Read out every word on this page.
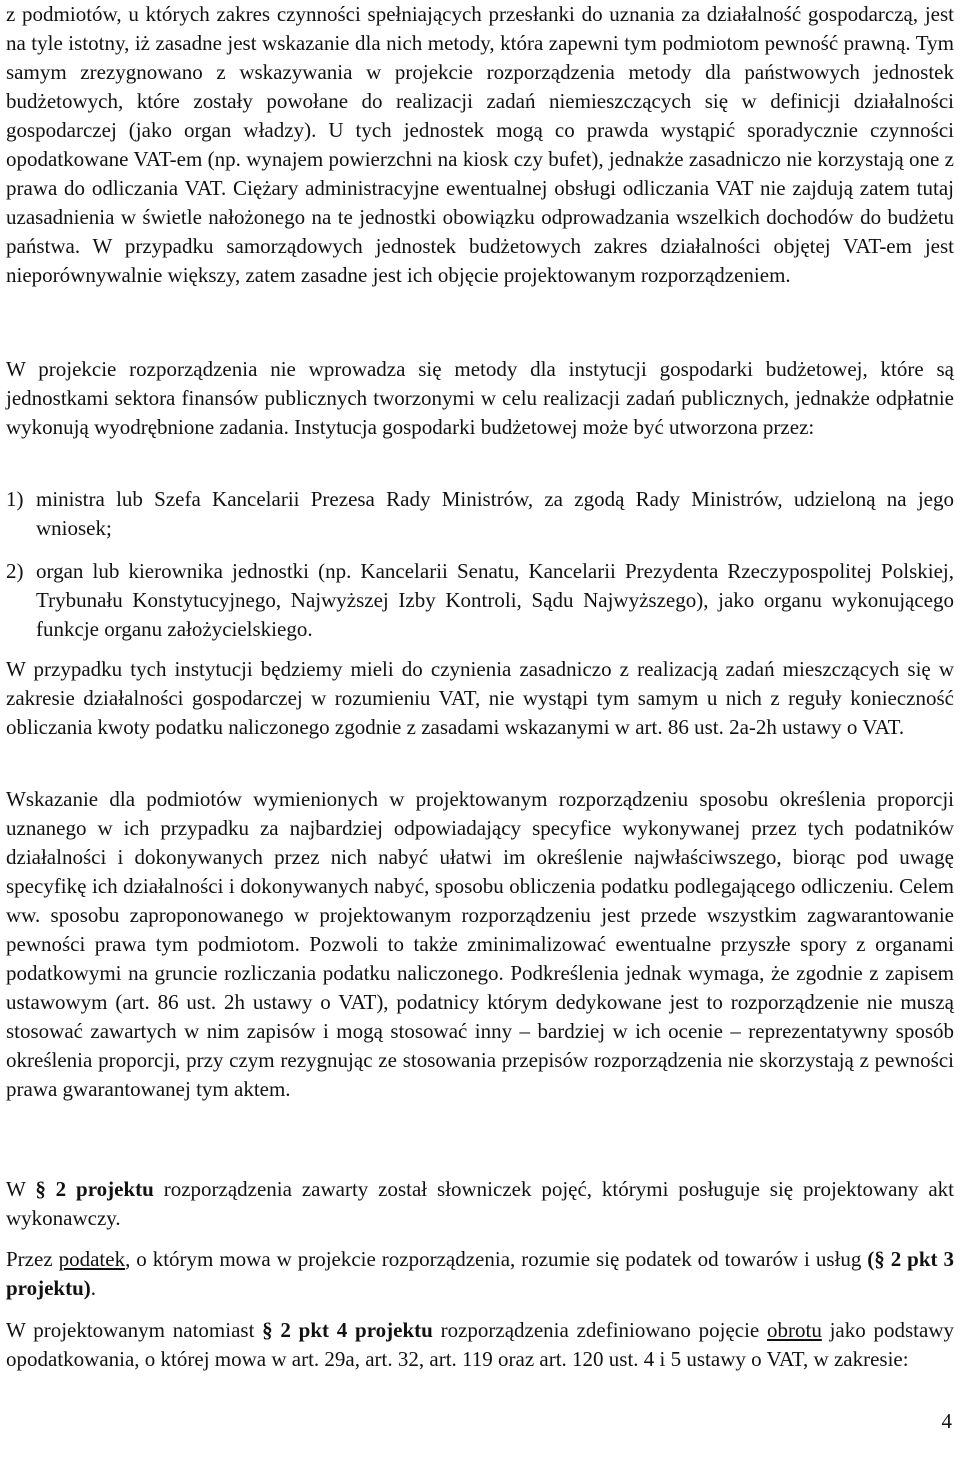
z podmiotów, u których zakres czynności spełniających przesłanki do uznania za działalność gospodarczą, jest na tyle istotny, iż zasadne jest wskazanie dla nich metody, która zapewni tym podmiotom pewność prawną. Tym samym zrezygnowano z wskazywania w projekcie rozporządzenia metody dla państwowych jednostek budżetowych, które zostały powołane do realizacji zadań niemieszczących się w definicji działalności gospodarczej (jako organ władzy). U tych jednostek mogą co prawda wystąpić sporadycznie czynności opodatkowane VAT-em (np. wynajem powierzchni na kiosk czy bufet), jednakże zasadniczo nie korzystają one z prawa do odliczania VAT. Ciężary administracyjne ewentualnej obsługi odliczania VAT nie zajdują zatem tutaj uzasadnienia w świetle nałożonego na te jednostki obowiązku odprowadzania wszelkich dochodów do budżetu państwa. W przypadku samorządowych jednostek budżetowych zakres działalności objętej VAT-em jest nieporównywalnie większy, zatem zasadne jest ich objęcie projektowanym rozporządzeniem.

W projekcie rozporządzenia nie wprowadza się metody dla instytucji gospodarki budżetowej, które są jednostkami sektora finansów publicznych tworzonymi w celu realizacji zadań publicznych, jednakże odpłatnie wykonują wyodrębnione zadania. Instytucja gospodarki budżetowej może być utworzona przez:

1) ministra lub Szefa Kancelarii Prezesa Rady Ministrów, za zgodą Rady Ministrów, udzieloną na jego wniosek;
2) organ lub kierownika jednostki (np. Kancelarii Senatu, Kancelarii Prezydenta Rzeczypospolitej Polskiej, Trybunału Konstytucyjnego, Najwyższej Izby Kontroli, Sądu Najwyższego), jako organu wykonującego funkcje organu założycielskiego.

W przypadku tych instytucji będziemy mieli do czynienia zasadniczo z realizacją zadań mieszczących się w zakresie działalności gospodarczej w rozumieniu VAT, nie wystąpi tym samym u nich z reguły konieczność obliczania kwoty podatku naliczonego zgodnie z zasadami wskazanymi w art. 86 ust. 2a-2h ustawy o VAT.

Wskazanie dla podmiotów wymienionych w projektowanym rozporządzeniu sposobu określenia proporcji uznanego w ich przypadku za najbardziej odpowiadający specyfice wykonywanej przez tych podatników działalności i dokonywanych przez nich nabyć ułatwi im określenie najwłaściwszego, biorąc pod uwagę specyfikę ich działalności i dokonywanych nabyć, sposobu obliczenia podatku podlegającego odliczeniu. Celem ww. sposobu zaproponowanego w projektowanym rozporządzeniu jest przede wszystkim zagwarantowanie pewności prawa tym podmiotom. Pozwoli to także zminimalizować ewentualne przyszłe spory z organami podatkowymi na gruncie rozliczania podatku naliczonego. Podkreślenia jednak wymaga, że zgodnie z zapisem ustawowym (art. 86 ust. 2h ustawy o VAT), podatnicy którym dedykowane jest to rozporządzenie nie muszą stosować zawartych w nim zapisów i mogą stosować inny – bardziej w ich ocenie – reprezentatywny sposób określenia proporcji, przy czym rezygnując ze stosowania przepisów rozporządzenia nie skorzystają z pewności prawa gwarantowanej tym aktem.

W § 2 projektu rozporządzenia zawarty został słowniczek pojęć, którymi posługuje się projektowany akt wykonawczy.

Przez podatek, o którym mowa w projekcie rozporządzenia, rozumie się podatek od towarów i usług (§ 2 pkt 3 projektu).

W projektowanym natomiast § 2 pkt 4 projektu rozporządzenia zdefiniowano pojęcie obrotu jako podstawy opodatkowania, o której mowa w art. 29a, art. 32, art. 119 oraz art. 120 ust. 4 i 5 ustawy o VAT, w zakresie:

4
